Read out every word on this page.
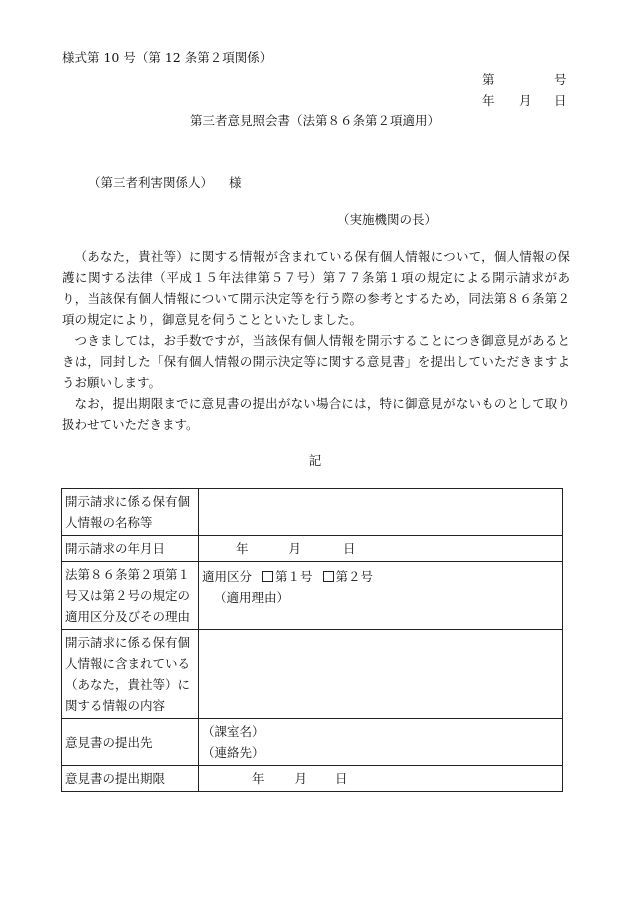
様式第 10 号（第 12 条第２項関係）
第	号
年 月 日
第三者意見照会書（法第８６条第２項適用）
（第三者利害関係人） 様
（実施機関の長）

（あなた，貴社等）に関する情報が含まれている保有個人情報について，個人情報の保護に関する法律（平成１５年法律第５７号）第７７条第１項の規定による開示請求があり，当該保有個人情報について開示決定等を行う際の参考とするため，同法第８６条第２項の規定により，御意見を伺うことといたしました。

つきましては，お手数ですが，当該保有個人情報を開示することにつき御意見があるときは，同封した「保有個人情報の開示決定等に関する意見書」を提出していただきますようお願いします。

なお，提出期限までに意見書の提出がない場合には，特に御意見がないものとして取り扱わせていただきます。

記
開示請求に係る保有個人情報の名称等	
開示請求の年月日	年 月 日
法第８６条第２項第１号又は第２号の規定の適用区分及びその理由	適用区分 第１号 第２号
（適用理由）

開示請求に係る保有個人情報に含まれている（あなた，貴社等）に関する情報の内容	
意見書の提出先	（課室名）
（連絡先）

意見書の提出期限	年 月 日
